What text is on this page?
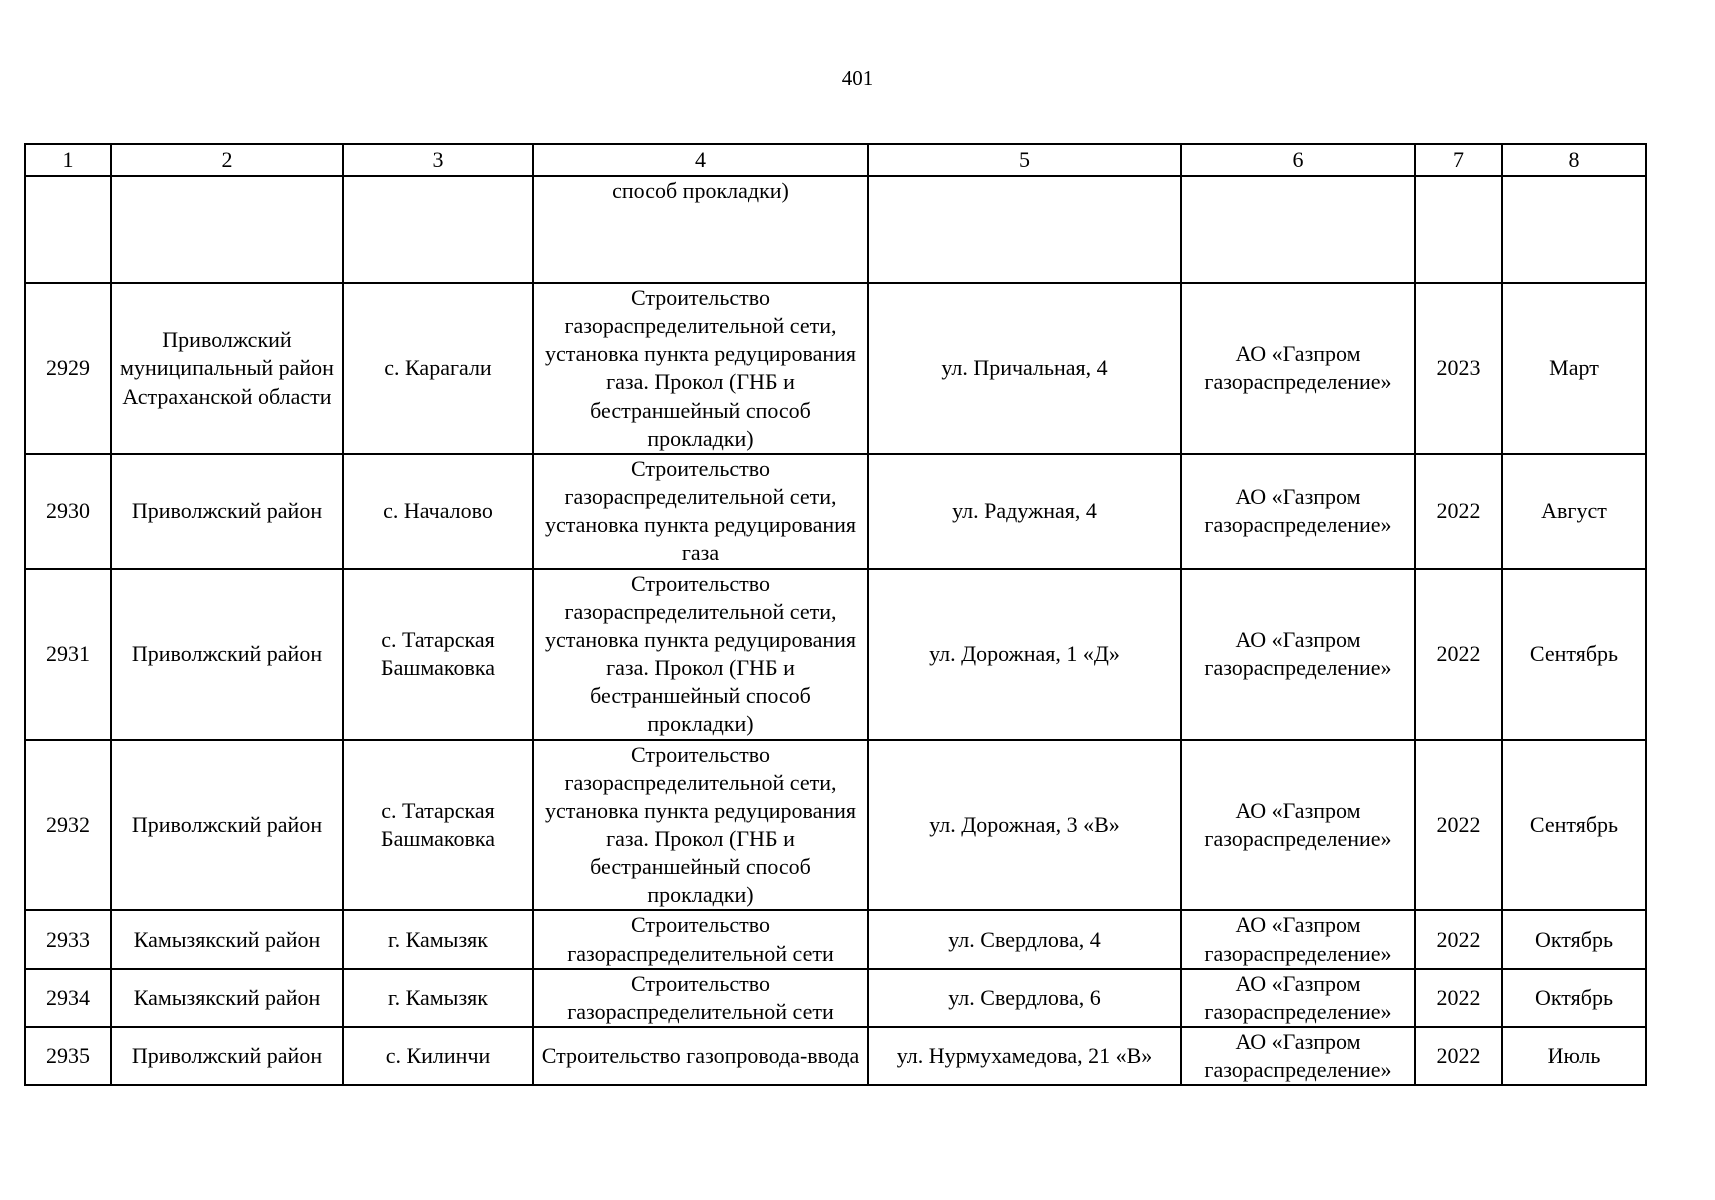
401
1	2	3	4	5	6	7	8
			способ прокладки)				
2929	Приволжский муниципальный район Астраханской области	с. Карагали	Строительство газораспределительной сети, установка пункта редуцирования газа. Прокол (ГНБ и бестраншейный способ прокладки)	ул. Причальная, 4	АО «Газпром газораспределение»	2023	Март
2930	Приволжский район	с. Началово	Строительство газораспределительной сети, установка пункта редуцирования газа	ул. Радужная, 4	АО «Газпром газораспределение»	2022	Август
2931	Приволжский район	с. Татарская Башмаковка	Строительство газораспределительной сети, установка пункта редуцирования газа. Прокол (ГНБ и бестраншейный способ прокладки)	ул. Дорожная, 1 «Д»	АО «Газпром газораспределение»	2022	Сентябрь
2932	Приволжский район	с. Татарская Башмаковка	Строительство газораспределительной сети, установка пункта редуцирования газа. Прокол (ГНБ и бестраншейный способ прокладки)	ул. Дорожная, 3 «В»	АО «Газпром газораспределение»	2022	Сентябрь
2933	Камызякский район	г. Камызяк	Строительство газораспределительной сети	ул. Свердлова, 4	АО «Газпром газораспределение»	2022	Октябрь
2934	Камызякский район	г. Камызяк	Строительство газораспределительной сети	ул. Свердлова, 6	АО «Газпром газораспределение»	2022	Октябрь
2935	Приволжский район	с. Килинчи	Строительство газопровода-ввода	ул. Нурмухамедова, 21 «В»	АО «Газпром газораспределение»	2022	Июль
